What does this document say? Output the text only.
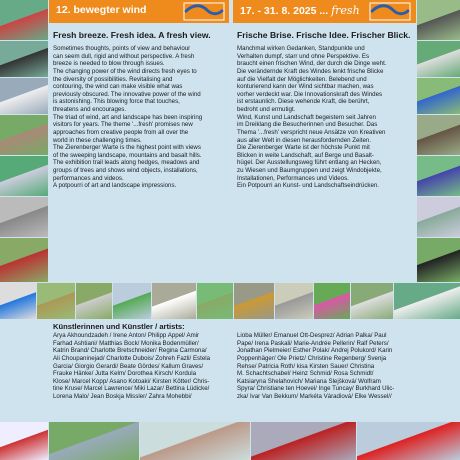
12. bewegter wind
Fresh breeze. Fresh idea. A fresh view.

Sometimes thoughts, points of view and behaviour

can seem dull, rigid and without perspective. A fresh

breeze is needed to blow through issues.

The changing power of the wind directs fresh eyes to

the diversity of possibilities. Revitalising and

contouring, the wind can make visible what was

previously obscured. The innovative power of the wind

is astonishing. This blowing force that touches,

threatens and encourages.

The triad of wind, art and landscape has been inspiring

visitors for years. The theme '...fresh' promises new

approaches from creative people from all over the

world in these challenging times.

The Zierenberger Warte is the highest point with views

of the sweeping landscape, mountains and basalt hills.

The exhibition trail leads along hedges, meadows and

groups of trees and shows wind objects, installations,

performances and videos.

A potpourri of art and landscape impressions.

17. - 31. 8. 2025 ... fresh
Frische Brise. Frische Idee. Frischer Blick.

Manchmal wirken Gedanken, Standpunkte und

Verhalten dumpf, starr und ohne Perspektive. Es

braucht einen frischen Wind, der durch die Dinge weht.

Die verändernde Kraft des Windes lenkt frische Blicke

auf die Vielfalt der Möglichkeiten. Belebend und

konturierend kann der Wind sichtbar machen, was

vorher verdeckt war. Die Innovationskraft des Windes

ist erstaunlich. Diese wehende Kraft, die berührt,

bedroht und ermutigt.

Wind, Kunst und Landschaft begeistern seit Jahren

im Dreiklang die Besucherinnen und Besucher. Das

Thema '...fresh' verspricht neue Ansätze von Kreativen

aus aller Welt in diesen herausfordernden Zeiten.

Die Zierenberger Warte ist der höchste Punkt mit

Blicken in weite Landschaft, auf Berge und Basalt-

hügel. Der Ausstellungsweg führt entlang an Hecken,

zu Wiesen und Baumgruppen und zeigt Windobjekte,

Installationen, Performances und Videos.

Ein Potpourri an Kunst- und Landschaftseindrücken.

Künstlerinnen und Künstler / artists:

Arya Akhoundzadeh / Irene Anton/ Philipp Appel/ Amir

Farhad Ashtiani/ Matthias Bock/ Monika Bodenmüller/

Katrin Brand/ Charlotte Bretschneider/ Regina Carmona/

Ali Choupaninejad/ Charlotte Dubois/ Zohreh Fazli/ Estela

Garcia/ Giorgio Gerardi/ Beate Gördes/ Kallum Graves/

Frauke Hänke/ Jutta Kelm/ Dorothea Kirsch/ Kordula

Klose/ Marcel Kopp/ Asano Kotoaki/ Kirsten Kötter/ Chris-

tine Kruse/ Marcel Lawrence/ Miki Lazar/ Bettina Lüdicke/

Lorena Malo/ Jean Boskja Missler/ Zahra Mohebbi/

Lioba Müller/ Emanuel Ott-Desprez/ Adrian Palka/ Paul

Pape/ Irena Paskali/ Marie-Andrée Pellerin/ Ralf Peters/

Jonathan Pielmeier/ Esther Polak/ Andrej Polukord/ Karin

Poppenhäger/ Ole Prietz/ Christine Regenberg/ Svenja

Rehse/ Patricia Roth/ kisa Kirsten Sauer/ Christina

M. Schachtschabel/ Heinz Schmid/ Rosa Schmidt/

Katsiaryna Shelahovich/ Mariana Slejšková/ Wolfram

Spyra/ Christiane ten Hoevel/ Inge Tuncay/ Burkhard Ulic-

zka/ Ivar Van Bekkum/ Markéta Váradiová/ Elke Wessel//
